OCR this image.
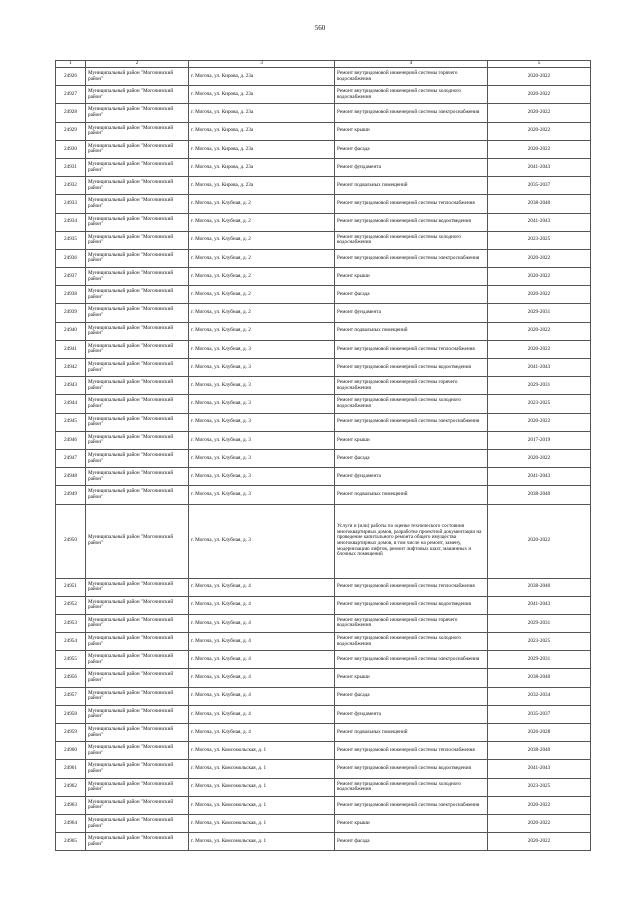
560
1	2	3	4	5
24926	Муниципальный район "Могочинский район"	г. Могоча, ул. Кирова, д. 23а	Ремонт внутридомовой инженерной системы горячего водоснабжения	2020-2022
24927	Муниципальный район "Могочинский район"	г. Могоча, ул. Кирова, д. 23а	Ремонт внутридомовой инженерной системы холодного водоснабжения	2020-2022
24928	Муниципальный район "Могочинский район"	г. Могоча, ул. Кирова, д. 23а	Ремонт внутридомовой инженерной системы электроснабжения	2020-2022
24929	Муниципальный район "Могочинский район"	г. Могоча, ул. Кирова, д. 23а	Ремонт крыши	2020-2022
24930	Муниципальный район "Могочинский район"	г. Могоча, ул. Кирова, д. 23а	Ремонт фасада	2020-2022
24931	Муниципальный район "Могочинский район"	г. Могоча, ул. Кирова, д. 23а	Ремонт фундамента	2041-2043
24932	Муниципальный район "Могочинский район"	г. Могоча, ул. Кирова, д. 23а	Ремонт подвальных помещений	2035-2037
24933	Муниципальный район "Могочинский район"	г. Могоча, ул. Клубная, д. 2	Ремонт внутридомовой инженерной системы теплоснабжения	2038-2040
24934	Муниципальный район "Могочинский район"	г. Могоча, ул. Клубная, д. 2	Ремонт внутридомовой инженерной системы водоотведения	2041-2043
24935	Муниципальный район "Могочинский район"	г. Могоча, ул. Клубная, д. 2	Ремонт внутридомовой инженерной системы холодного водоснабжения	2023-2025
24936	Муниципальный район "Могочинский район"	г. Могоча, ул. Клубная, д. 2	Ремонт внутридомовой инженерной системы электроснабжения	2020-2022
24937	Муниципальный район "Могочинский район"	г. Могоча, ул. Клубная, д. 2	Ремонт крыши	2020-2022
24938	Муниципальный район "Могочинский район"	г. Могоча, ул. Клубная, д. 2	Ремонт фасада	2020-2022
24939	Муниципальный район "Могочинский район"	г. Могоча, ул. Клубная, д. 2	Ремонт фундамента	2029-2031
24940	Муниципальный район "Могочинский район"	г. Могоча, ул. Клубная, д. 2	Ремонт подвальных помещений	2020-2022
24941	Муниципальный район "Могочинский район"	г. Могоча, ул. Клубная, д. 3	Ремонт внутридомовой инженерной системы теплоснабжения	2020-2022
24942	Муниципальный район "Могочинский район"	г. Могоча, ул. Клубная, д. 3	Ремонт внутридомовой инженерной системы водоотведения	2041-2043
24943	Муниципальный район "Могочинский район"	г. Могоча, ул. Клубная, д. 3	Ремонт внутридомовой инженерной системы горячего водоснабжения	2029-2031
24944	Муниципальный район "Могочинский район"	г. Могоча, ул. Клубная, д. 3	Ремонт внутридомовой инженерной системы холодного водоснабжения	2023-2025
24945	Муниципальный район "Могочинский район"	г. Могоча, ул. Клубная, д. 3	Ремонт внутридомовой инженерной системы электроснабжения	2020-2022
24946	Муниципальный район "Могочинский район"	г. Могоча, ул. Клубная, д. 3	Ремонт крыши	2017-2019
24947	Муниципальный район "Могочинский район"	г. Могоча, ул. Клубная, д. 3	Ремонт фасада	2020-2022
24948	Муниципальный район "Могочинский район"	г. Могоча, ул. Клубная, д. 3	Ремонт фундамента	2041-2043
24949	Муниципальный район "Могочинский район"	г. Могоча, ул. Клубная, д. 3	Ремонт подвальных помещений	2038-2040
24950	Муниципальный район "Могочинский район"	г. Могоча, ул. Клубная, д. 3	Услуги и (или) работы по оценке технического состояния многоквартирных домов, разработке проектной документации на проведение капитального ремонта общего имущества многоквартирных домов, в том числе на ремонт, замену, модернизацию лифтов, ремонт лифтовых шахт, машинных и блочных помещений	2020-2022
24951	Муниципальный район "Могочинский район"	г. Могоча, ул. Клубная, д. 4	Ремонт внутридомовой инженерной системы теплоснабжения	2038-2040
24952	Муниципальный район "Могочинский район"	г. Могоча, ул. Клубная, д. 4	Ремонт внутридомовой инженерной системы водоотведения	2041-2043
24953	Муниципальный район "Могочинский район"	г. Могоча, ул. Клубная, д. 4	Ремонт внутридомовой инженерной системы горячего водоснабжения	2029-2031
24954	Муниципальный район "Могочинский район"	г. Могоча, ул. Клубная, д. 4	Ремонт внутридомовой инженерной системы холодного водоснабжения	2023-2025
24955	Муниципальный район "Могочинский район"	г. Могоча, ул. Клубная, д. 4	Ремонт внутридомовой инженерной системы электроснабжения	2029-2031
24956	Муниципальный район "Могочинский район"	г. Могоча, ул. Клубная, д. 4	Ремонт крыши	2038-2040
24957	Муниципальный район "Могочинский район"	г. Могоча, ул. Клубная, д. 4	Ремонт фасада	2032-2034
24958	Муниципальный район "Могочинский район"	г. Могоча, ул. Клубная, д. 4	Ремонт фундамента	2035-2037
24959	Муниципальный район "Могочинский район"	г. Могоча, ул. Клубная, д. 4	Ремонт подвальных помещений	2026-2028
24960	Муниципальный район "Могочинский район"	г. Могоча, ул. Комсомольская, д. 1	Ремонт внутридомовой инженерной системы теплоснабжения	2038-2040
24961	Муниципальный район "Могочинский район"	г. Могоча, ул. Комсомольская, д. 1	Ремонт внутридомовой инженерной системы водоотведения	2041-2043
24962	Муниципальный район "Могочинский район"	г. Могоча, ул. Комсомольская, д. 1	Ремонт внутридомовой инженерной системы холодного водоснабжения	2023-2025
24963	Муниципальный район "Могочинский район"	г. Могоча, ул. Комсомольская, д. 1	Ремонт внутридомовой инженерной системы электроснабжения	2020-2022
24964	Муниципальный район "Могочинский район"	г. Могоча, ул. Комсомольская, д. 1	Ремонт крыши	2020-2022
24965	Муниципальный район "Могочинский район"	г. Могоча, ул. Комсомольская, д. 1	Ремонт фасада	2020-2022
